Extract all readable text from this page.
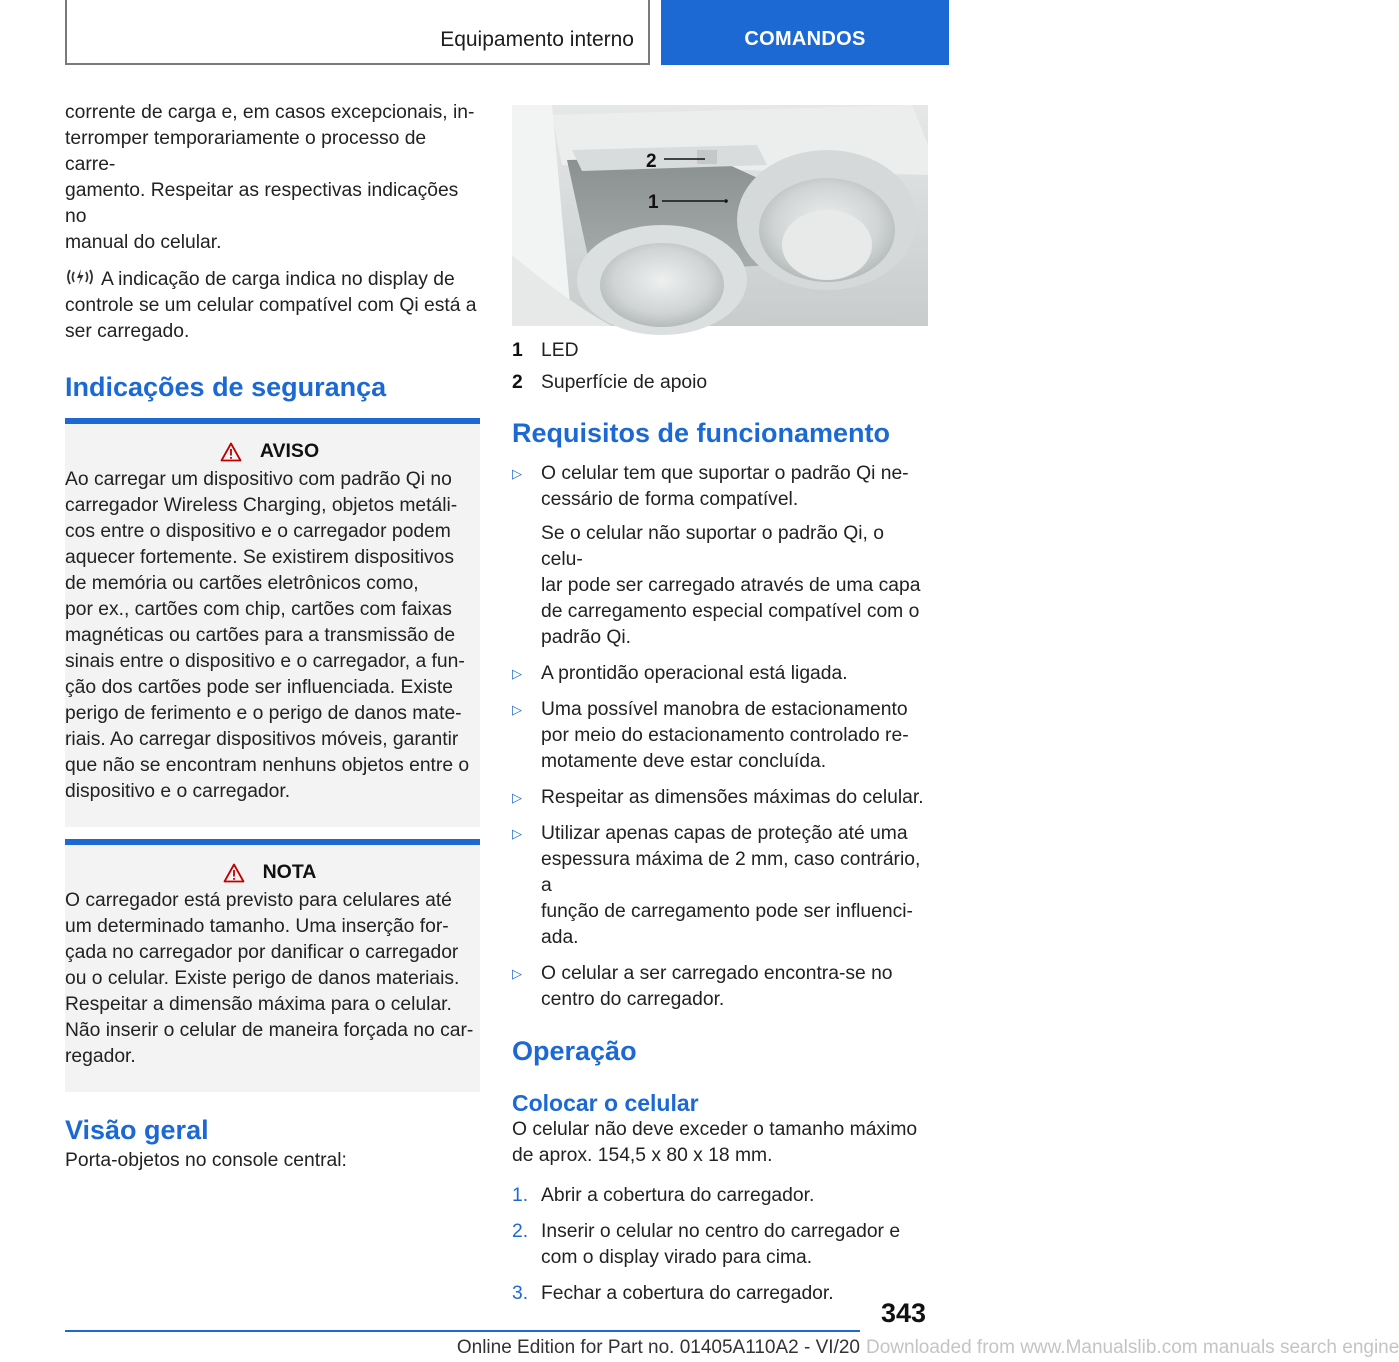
Equipamento interno	COMANDOS

corrente de carga e, em casos excepcionais, in-

terromper temporariamente o processo de carre-

gamento. Respeitar as respectivas indicações no

manual do celular.

A indicação de carga indica no display de

controle se um celular compatível com Qi está a

ser carregado.

Indicações de segurança
AVISO

Ao carregar um dispositivo com padrão Qi no

carregador Wireless Charging, objetos metáli-

cos entre o dispositivo e o carregador podem

aquecer fortemente. Se existirem dispositivos

de memória ou cartões eletrônicos como,

por ex., cartões com chip, cartões com faixas

magnéticas ou cartões para a transmissão de

sinais entre o dispositivo e o carregador, a fun-

ção dos cartões pode ser influenciada. Existe

perigo de ferimento e o perigo de danos mate-

riais. Ao carregar dispositivos móveis, garantir

que não se encontram nenhuns objetos entre o

dispositivo e o carregador.

NOTA

O carregador está previsto para celulares até

um determinado tamanho. Uma inserção for-

çada no carregador por danificar o carregador

ou o celular. Existe perigo de danos materiais.

Respeitar a dimensão máxima para o celular.

Não inserir o celular de maneira forçada no car-

regador.

Visão geral

Porta-objetos no console central:

2
1
1 LED
2 Superfície de apoio
Requisitos de funcionamento
▷ O celular tem que suportar o padrão Qi ne-

cessário de forma compatível.

Se o celular não suportar o padrão Qi, o celu-

lar pode ser carregado através de uma capa

de carregamento especial compatível com o

padrão Qi.

▷ A prontidão operacional está ligada.

▷ Uma possível manobra de estacionamento

por meio do estacionamento controlado re-

motamente deve estar concluída.

▷ Respeitar as dimensões máximas do celular.

▷ Utilizar apenas capas de proteção até uma

espessura máxima de 2 mm, caso contrário, a

função de carregamento pode ser influenci-

ada.

▷ O celular a ser carregado encontra-se no

centro do carregador.

Operação
Colocar o celular

O celular não deve exceder o tamanho máximo

de aprox. 154,5 x 80 x 18 mm.

1. Abrir a cobertura do carregador.

2. Inserir o celular no centro do carregador e

com o display virado para cima.

3. Fechar a cobertura do carregador.

343
Online Edition for Part no. 01405A110A2 - VI/20 Downloaded from www.Manualslib.com manuals search engine
